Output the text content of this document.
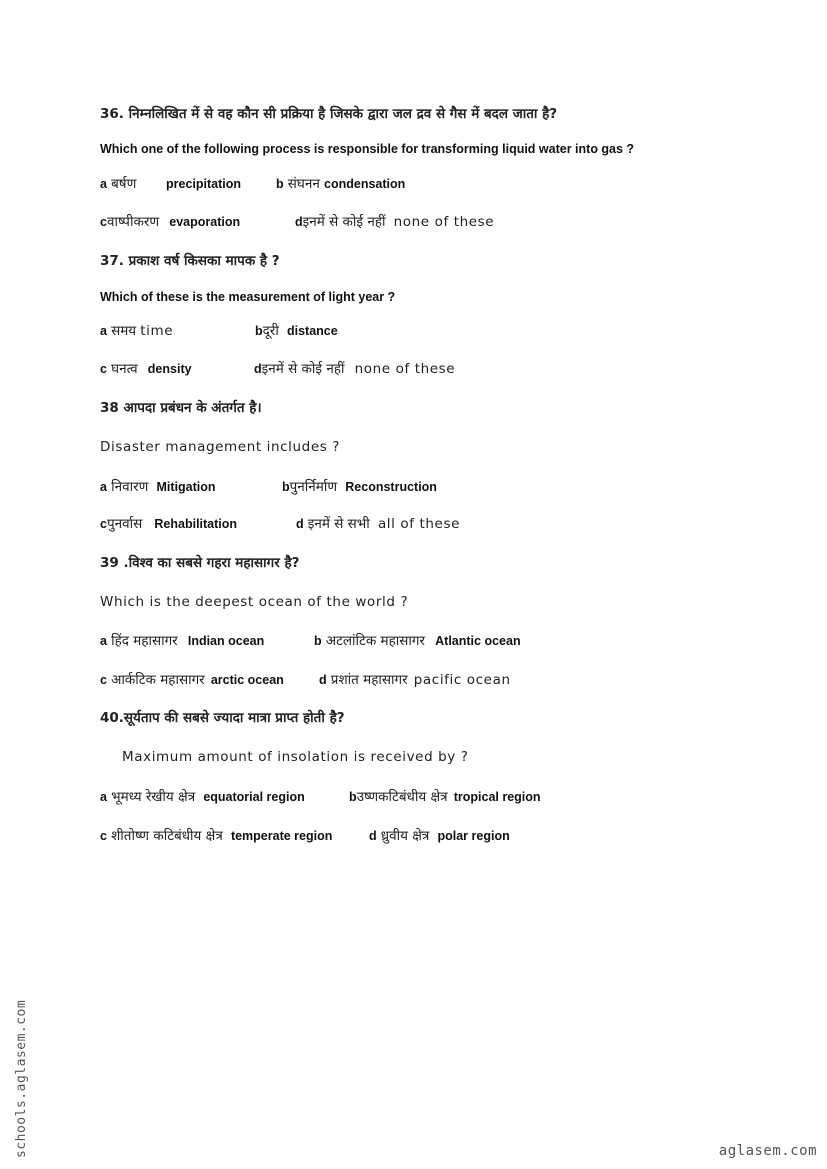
36. निम्नलिखित में से वह कौन सी प्रक्रिया है जिसके द्वारा जल द्रव से गैस में बदल जाता है?
Which one of the following process is responsible for transforming liquid water into gas ?
a बर्षण precipitation	b संघनन condensation
cवाष्पीकरण evaporation	dइनमें से कोई नहीं none of these
37. प्रकाश वर्ष किसका मापक है ?
Which of these is the measurement of light year ?
a समय time	bदूरी distance
c घनत्व density	dइनमें से कोई नहीं none of these
38 आपदा प्रबंधन के अंतर्गत है।
Disaster management includes ?
a निवारण Mitigation	bपुनर्निर्माण Reconstruction
cपुनर्वास Rehabilitation	d इनमें से सभी all of these
39 .विश्व का सबसे गहरा महासागर है?
Which is the deepest ocean of the world ?
a हिंद महासागर Indian ocean	b अटलांटिक महासागर Atlantic ocean
c आर्कटिक महासागर arctic ocean	d प्रशांत महासागर pacific ocean
40.सूर्यताप की सबसे ज्यादा मात्रा प्राप्त होती है?
Maximum amount of insolation is received by ?
a भूमध्य रेखीय क्षेत्र equatorial region	bउष्णकटिबंधीय क्षेत्र tropical region
c शीतोष्ण कटिबंधीय क्षेत्र temperate region	d ध्रुवीय क्षेत्र polar region
schools.aglasem.com	aglasem.com
